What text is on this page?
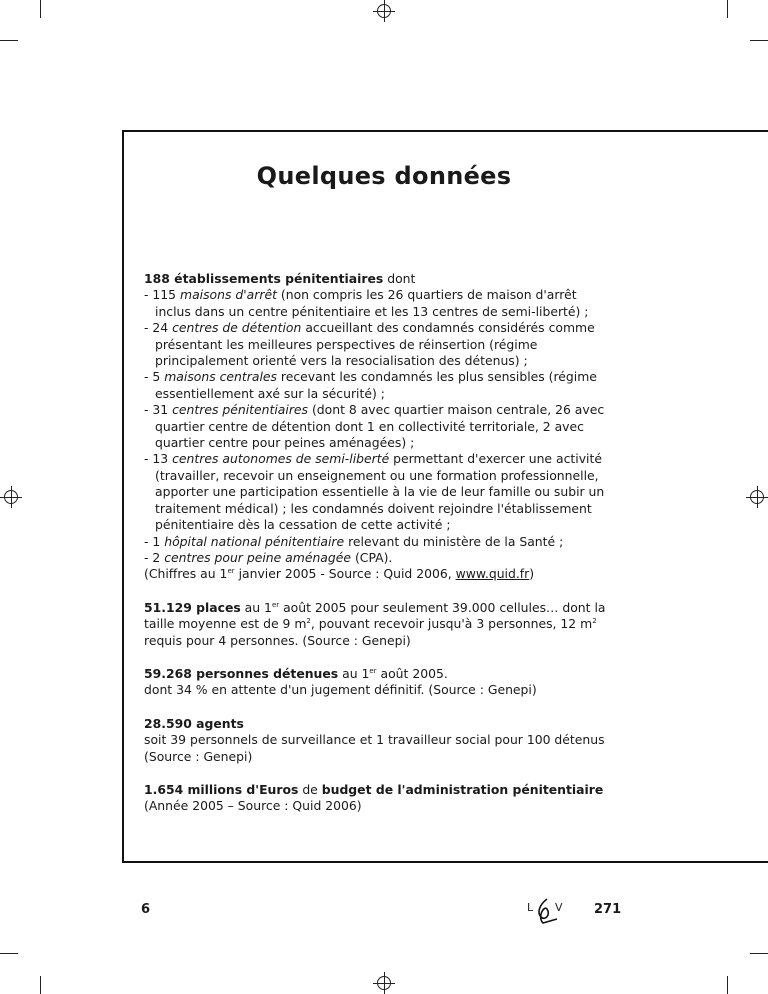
Quelques données

188 établissements pénitentiaires dont

- 115 maisons d'arrêt (non compris les 26 quartiers de maison d'arrêt inclus dans un centre pénitentiaire et les 13 centres de semi-liberté) ;
- 24 centres de détention accueillant des condamnés considérés comme présentant les meilleures perspectives de réinsertion (régime principalement orienté vers la resocialisation des détenus) ;
- 5 maisons centrales recevant les condamnés les plus sensibles (régime essentiellement axé sur la sécurité) ;
- 31 centres pénitentiaires (dont 8 avec quartier maison centrale, 26 avec quartier centre de détention dont 1 en collectivité territoriale, 2 avec quartier centre pour peines aménagées) ;
- 13 centres autonomes de semi-liberté permettant d'exercer une activité (travailler, recevoir un enseignement ou une formation professionnelle, apporter une participation essentielle à la vie de leur famille ou subir un traitement médical) ; les condamnés doivent rejoindre l'établissement pénitentiaire dès la cessation de cette activité ;
- 1 hôpital national pénitentiaire relevant du ministère de la Santé ;
- 2 centres pour peine aménagée (CPA).

(Chiffres au 1er janvier 2005 - Source : Quid 2006, www.quid.fr)

51.129 places au 1er août 2005 pour seulement 39.000 cellules… dont la taille moyenne est de 9 $m^2$, pouvant recevoir jusqu'à 3 personnes, 12 $m^2$ requis pour 4 personnes. (Source : Genepi)

59.268 personnes détenues au 1er août 2005.

dont 34 % en attente d'un jugement définitif. (Source : Genepi)

28.590 agents

soit 39 personnels de surveillance et 1 travailleur social pour 100 détenus (Source : Genepi)

1.654 millions d'Euros de budget de l'administration pénitentiaire

(Année 2005 – Source : Quid 2006)

6	L V 271
